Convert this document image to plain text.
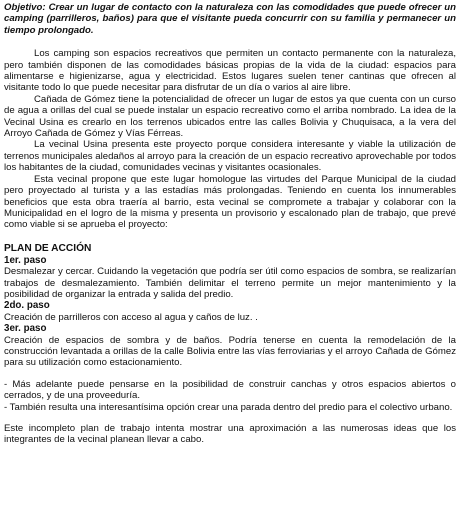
Objetivo: Crear un lugar de contacto con la naturaleza con las comodidades que puede ofrecer un camping (parrilleros, baños) para que el visitante pueda concurrir con su familia y permanecer un tiempo prolongado.

Los camping son espacios recreativos que permiten un contacto permanente con la naturaleza, pero también disponen de las comodidades básicas propias de la vida de la ciudad: espacios para alimentarse e higienizarse, agua y electricidad. Estos lugares suelen tener cantinas que ofrecen al visitante todo lo que puede necesitar para disfrutar de un día o varios al aire libre.

Cañada de Gómez tiene la potencialidad de ofrecer un lugar de estos ya que cuenta con un curso de agua a orillas del cual se puede instalar un espacio recreativo como el arriba nombrado. La idea de la Vecinal Usina es crearlo en los terrenos ubicados entre las calles Bolivia y Chuquisaca, a la vera del Arroyo Cañada de Gómez y Vías Férreas.

La vecinal Usina presenta este proyecto porque considera interesante y viable la utilización de terrenos municipales aledaños al arroyo para la creación de un espacio recreativo aprovechable por todos los habitantes de la ciudad, comunidades vecinas y visitantes ocasionales.

Esta vecinal propone que este lugar homologue las virtudes del Parque Municipal de la ciudad pero proyectado al turista y a las estadías más prolongadas. Teniendo en cuenta los innumerables beneficios que esta obra traería al barrio, esta vecinal se compromete a trabajar y colaborar con la Municipalidad en el logro de la misma y presenta un provisorio y escalonado plan de trabajo, que prevé como viable si se aprueba el proyecto:

PLAN DE ACCIÓN
1er. paso

Desmalezar y cercar. Cuidando la vegetación que podría ser útil como espacios de sombra, se realizarían trabajos de desmalezamiento. También delimitar el terreno permite un mejor mantenimiento y la posibilidad de organizar la entrada y salida del predio.

2do. paso

Creación de parrilleros con acceso al agua y caños de luz. .

3er. paso

Creación de espacios de sombra y de baños. Podría tenerse en cuenta la remodelación de la construcción levantada a orillas de la calle Bolivia entre las vías ferroviarias y el arroyo Cañada de Gómez para su utilización como estacionamiento.

- Más adelante puede pensarse en la posibilidad de construir canchas y otros espacios abiertos o cerrados, y de una proveeduría.

- También resulta una interesantísima opción crear una parada dentro del predio para el colectivo urbano.

Este incompleto plan de trabajo intenta mostrar una aproximación a las numerosas ideas que los integrantes de la vecinal planean llevar a cabo.
